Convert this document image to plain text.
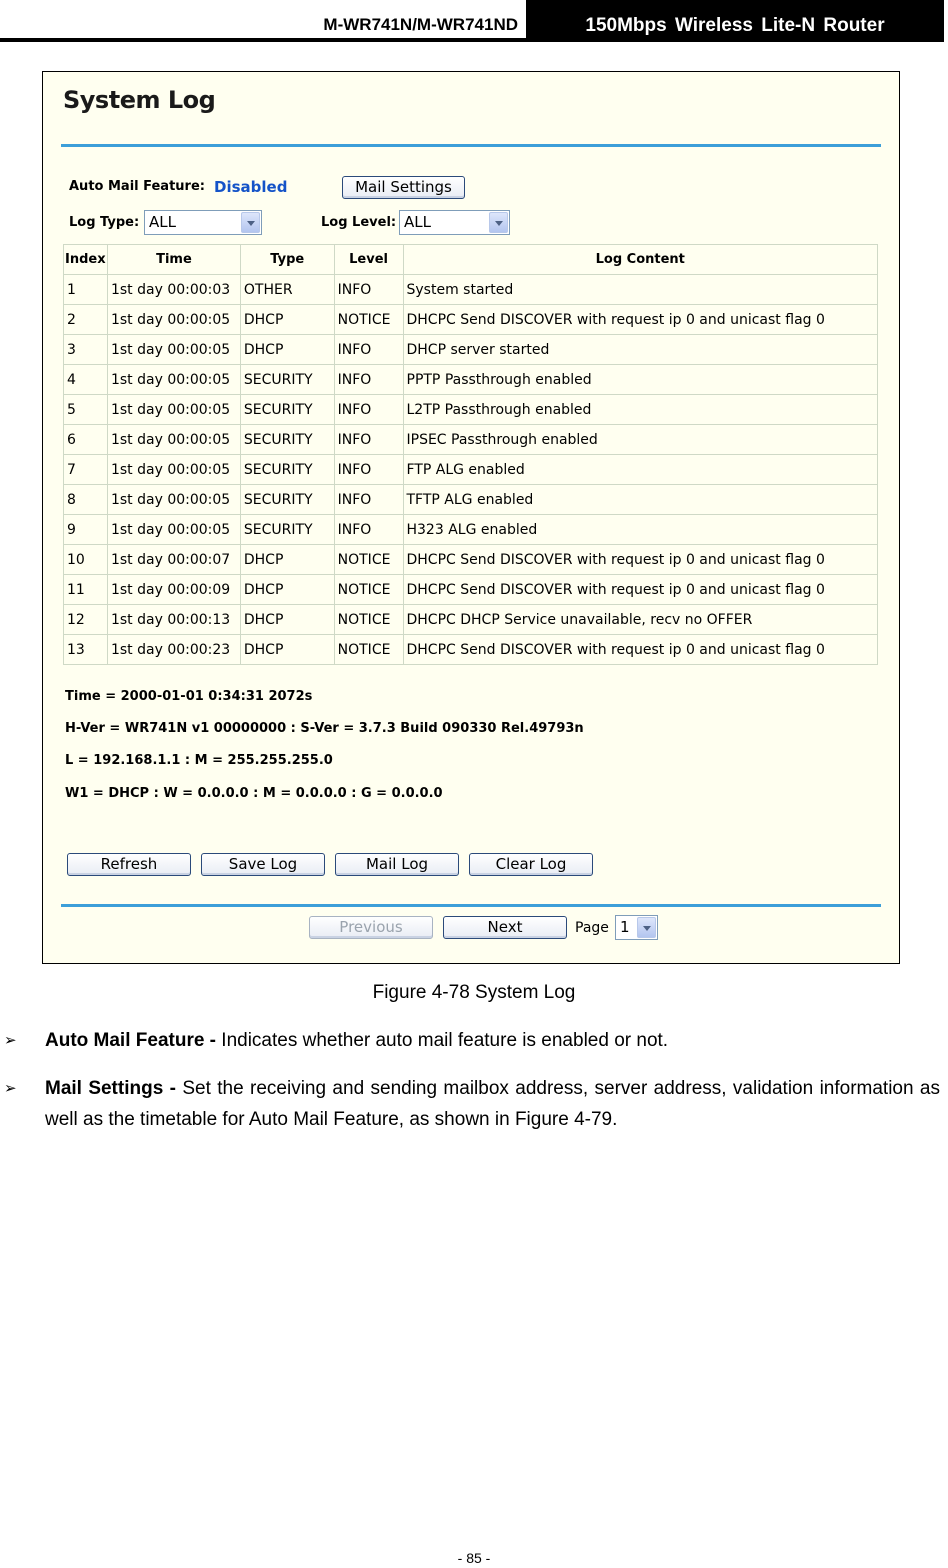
M-WR741N/M-WR741ND	150Mbps Wireless Lite-N Router
System Log
Auto Mail Feature: Disabled	Mail Settings
Log Type: ALL	Log Level: ALL
Index	Time	Type	Level	Log Content
1	1st day 00:00:03	OTHER	INFO	System started
2	1st day 00:00:05	DHCP	NOTICE	DHCPC Send DISCOVER with request ip 0 and unicast flag 0
3	1st day 00:00:05	DHCP	INFO	DHCP server started
4	1st day 00:00:05	SECURITY	INFO	PPTP Passthrough enabled
5	1st day 00:00:05	SECURITY	INFO	L2TP Passthrough enabled
6	1st day 00:00:05	SECURITY	INFO	IPSEC Passthrough enabled
7	1st day 00:00:05	SECURITY	INFO	FTP ALG enabled
8	1st day 00:00:05	SECURITY	INFO	TFTP ALG enabled
9	1st day 00:00:05	SECURITY	INFO	H323 ALG enabled
10	1st day 00:00:07	DHCP	NOTICE	DHCPC Send DISCOVER with request ip 0 and unicast flag 0
11	1st day 00:00:09	DHCP	NOTICE	DHCPC Send DISCOVER with request ip 0 and unicast flag 0
12	1st day 00:00:13	DHCP	NOTICE	DHCPC DHCP Service unavailable, recv no OFFER
13	1st day 00:00:23	DHCP	NOTICE	DHCPC Send DISCOVER with request ip 0 and unicast flag 0
Time = 2000-01-01 0:34:31 2072s
H-Ver = WR741N v1 00000000 : S-Ver = 3.7.3 Build 090330 Rel.49793n
L = 192.168.1.1 : M = 255.255.255.0
W1 = DHCP : W = 0.0.0.0 : M = 0.0.0.0 : G = 0.0.0.0
Refresh	Save Log	Mail Log	Clear Log
Previous	Next	Page 1
Figure 4-78 System Log
➢ Auto Mail Feature - Indicates whether auto mail feature is enabled or not.
➢ Mail Settings - Set the receiving and sending mailbox address, server address, validation information as well as the timetable for Auto Mail Feature, as shown in Figure 4-79.
- 85 -
